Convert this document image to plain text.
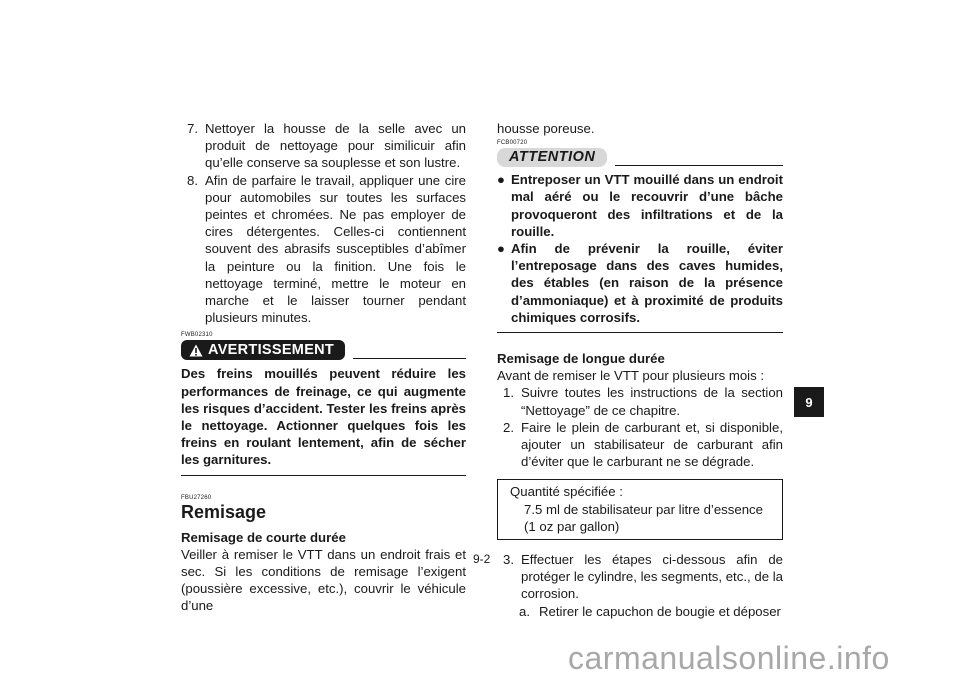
7. Nettoyer la housse de la selle avec un produit de nettoyage pour similicuir afin qu’elle conserve sa souplesse et son lustre.
8. Afin de parfaire le travail, appliquer une cire pour automobiles sur toutes les surfaces peintes et chromées. Ne pas employer de cires détergentes. Celles-ci contiennent souvent des abrasifs susceptibles d’abîmer la peinture ou la finition. Une fois le nettoyage terminé, mettre le moteur en marche et le laisser tourner pendant plusieurs minutes.
FWB02310
AVERTISSEMENT
Des freins mouillés peuvent réduire les performances de freinage, ce qui augmente les risques d’accident. Tester les freins après le nettoyage. Actionner quelques fois les freins en roulant lentement, afin de sécher les garnitures.
FBU27260
Remisage
Remisage de courte durée
Veiller à remiser le VTT dans un endroit frais et sec. Si les conditions de remisage l’exigent (poussière excessive, etc.), couvrir le véhicule d’une
housse poreuse.
FCB00720
ATTENTION
● Entreposer un VTT mouillé dans un endroit mal aéré ou le recouvrir d’une bâche provoqueront des infiltrations et de la rouille.
● Afin de prévenir la rouille, éviter l’entreposage dans des caves humides, des étables (en raison de la présence d’ammoniaque) et à proximité de produits chimiques corrosifs.
Remisage de longue durée
Avant de remiser le VTT pour plusieurs mois :
1. Suivre toutes les instructions de la section “Nettoyage” de ce chapitre.
2. Faire le plein de carburant et, si disponible, ajouter un stabilisateur de carburant afin d’éviter que le carburant ne se dégrade.
Quantité spécifiée :
7.5 ml de stabilisateur par litre d’essence
(1 oz par gallon)
3. Effectuer les étapes ci-dessous afin de protéger le cylindre, les segments, etc., de la corrosion.
a. Retirer le capuchon de bougie et déposer
9-2
9
carmanualsonline.info
